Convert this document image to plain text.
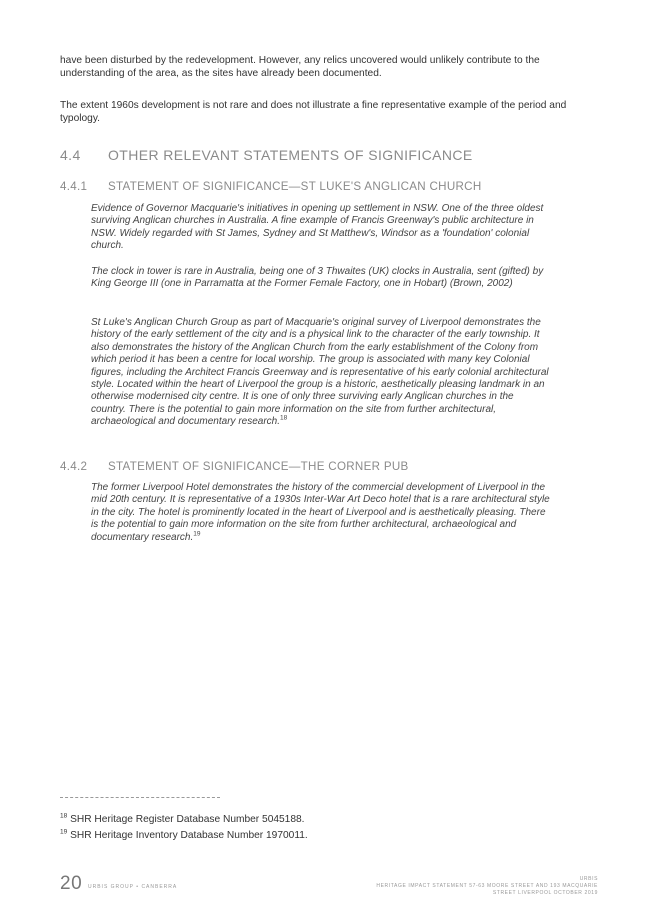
have been disturbed by the redevelopment. However, any relics uncovered would unlikely contribute to the understanding of the area, as the sites have already been documented.

The extent 1960s development is not rare and does not illustrate a fine representative example of the period and typology.

4.4 OTHER RELEVANT STATEMENTS OF SIGNIFICANCE
4.4.1 STATEMENT OF SIGNIFICANCE—ST LUKE'S ANGLICAN CHURCH

Evidence of Governor Macquarie's initiatives in opening up settlement in NSW. One of the three oldest surviving Anglican churches in Australia. A fine example of Francis Greenway's public architecture in NSW. Widely regarded with St James, Sydney and St Matthew's, Windsor as a 'foundation' colonial church.

The clock in tower is rare in Australia, being one of 3 Thwaites (UK) clocks in Australia, sent (gifted) by King George III (one in Parramatta at the Former Female Factory, one in Hobart) (Brown, 2002)

St Luke's Anglican Church Group as part of Macquarie's original survey of Liverpool demonstrates the history of the early settlement of the city and is a physical link to the character of the early township. It also demonstrates the history of the Anglican Church from the early establishment of the Colony from which period it has been a centre for local worship. The group is associated with many key Colonial figures, including the Architect Francis Greenway and is representative of his early colonial architectural style. Located within the heart of Liverpool the group is a historic, aesthetically pleasing landmark in an otherwise modernised city centre. It is one of only three surviving early Anglican churches in the country. There is the potential to gain more information on the site from further architectural, archaeological and documentary research.$^{18}$

4.4.2 STATEMENT OF SIGNIFICANCE—THE CORNER PUB

The former Liverpool Hotel demonstrates the history of the commercial development of Liverpool in the mid 20th century. It is representative of a 1930s Inter-War Art Deco hotel that is a rare architectural style in the city. The hotel is prominently located in the heart of Liverpool and is aesthetically pleasing. There is the potential to gain more information on the site from further architectural, archaeological and documentary research.$^{19}$

$^{18}$ SHR Heritage Register Database Number 5045188.
$^{19}$ SHR Heritage Inventory Database Number 1970011.
20 URBIS GROUP • CANBERRA
URBIS
HERITAGE IMPACT STATEMENT 57-63 MOORE STREET AND 193 MACQUARIE
STREET LIVERPOOL OCTOBER 2019
